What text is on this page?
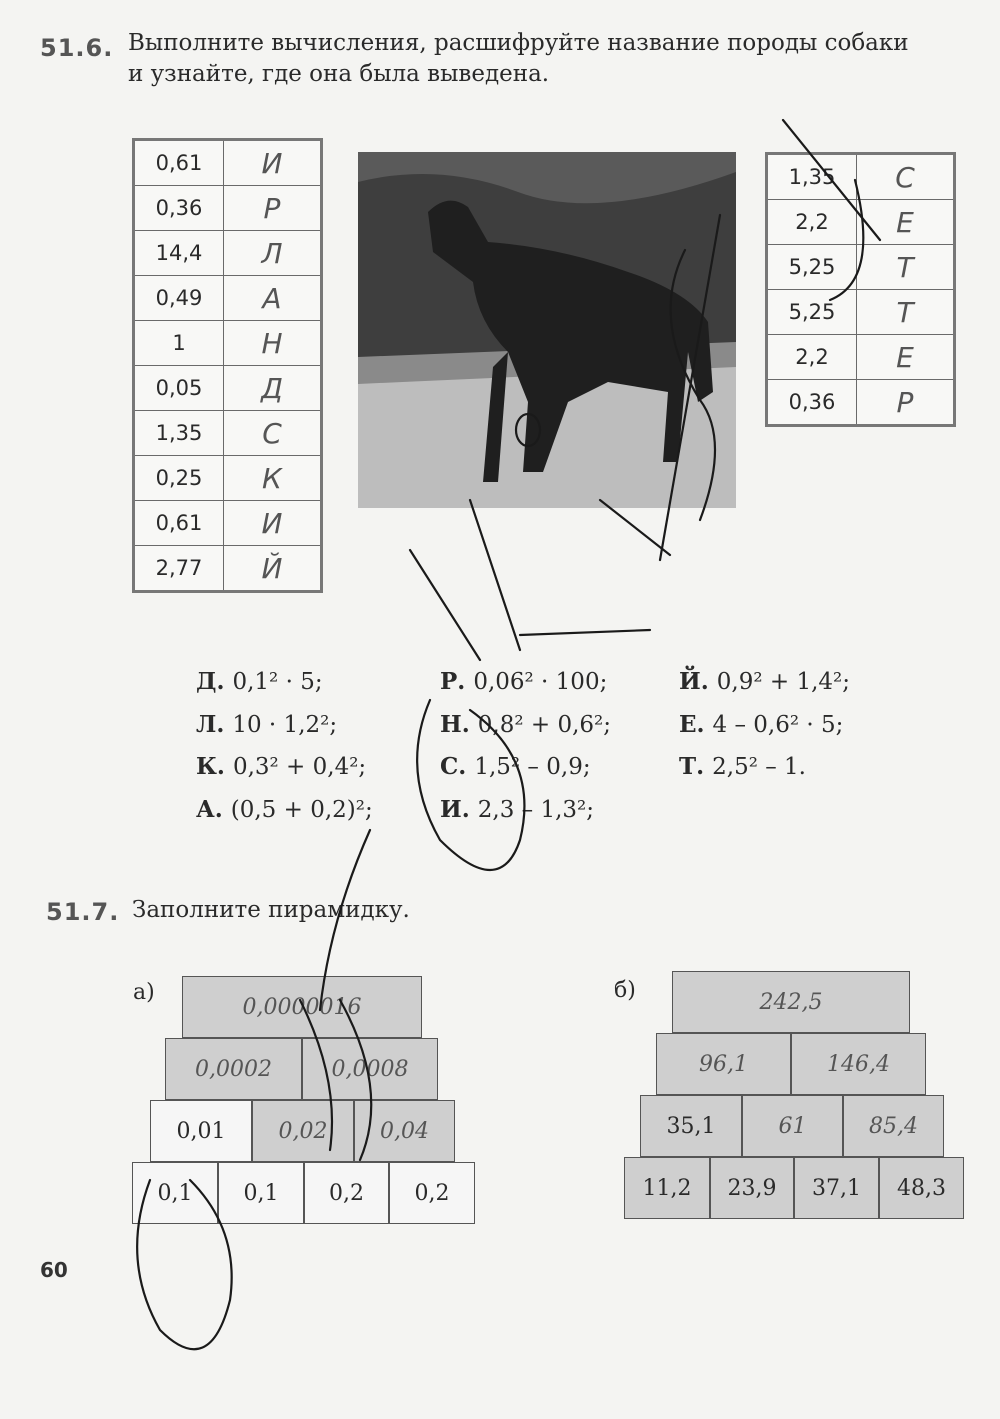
51.6. Выполните вычисления, расшифруйте название породы собаки
и узнайте, где она была выведена.
0,61	И
0,36	Р
14,4	Л
0,49	А
1	Н
0,05	Д
1,35	С
0,25	К
0,61	И
2,77	Й
1,35	С
2,2	Е
5,25	Т
5,25	Т
2,2	Е
0,36	Р
Д. 0,1² · 5;
Л. 10 · 1,2²;
К. 0,3² + 0,4²;
А. (0,5 + 0,2)²;
Р. 0,06² · 100;
Н. 0,8² + 0,6²;
С. 1,5² – 0,9;
И. 2,3 – 1,3²;
Й. 0,9² + 1,4²;
Е. 4 – 0,6² · 5;
Т. 2,5² – 1.
51.7. Заполните пирамидку.
а)
0,0000016
0,0002	0,0008
0,01	0,02	0,04
0,1	0,1	0,2	0,2
б)	242,5
96,1	146,4
35,1	61	85,4
11,2	23,9	37,1	48,3
60
